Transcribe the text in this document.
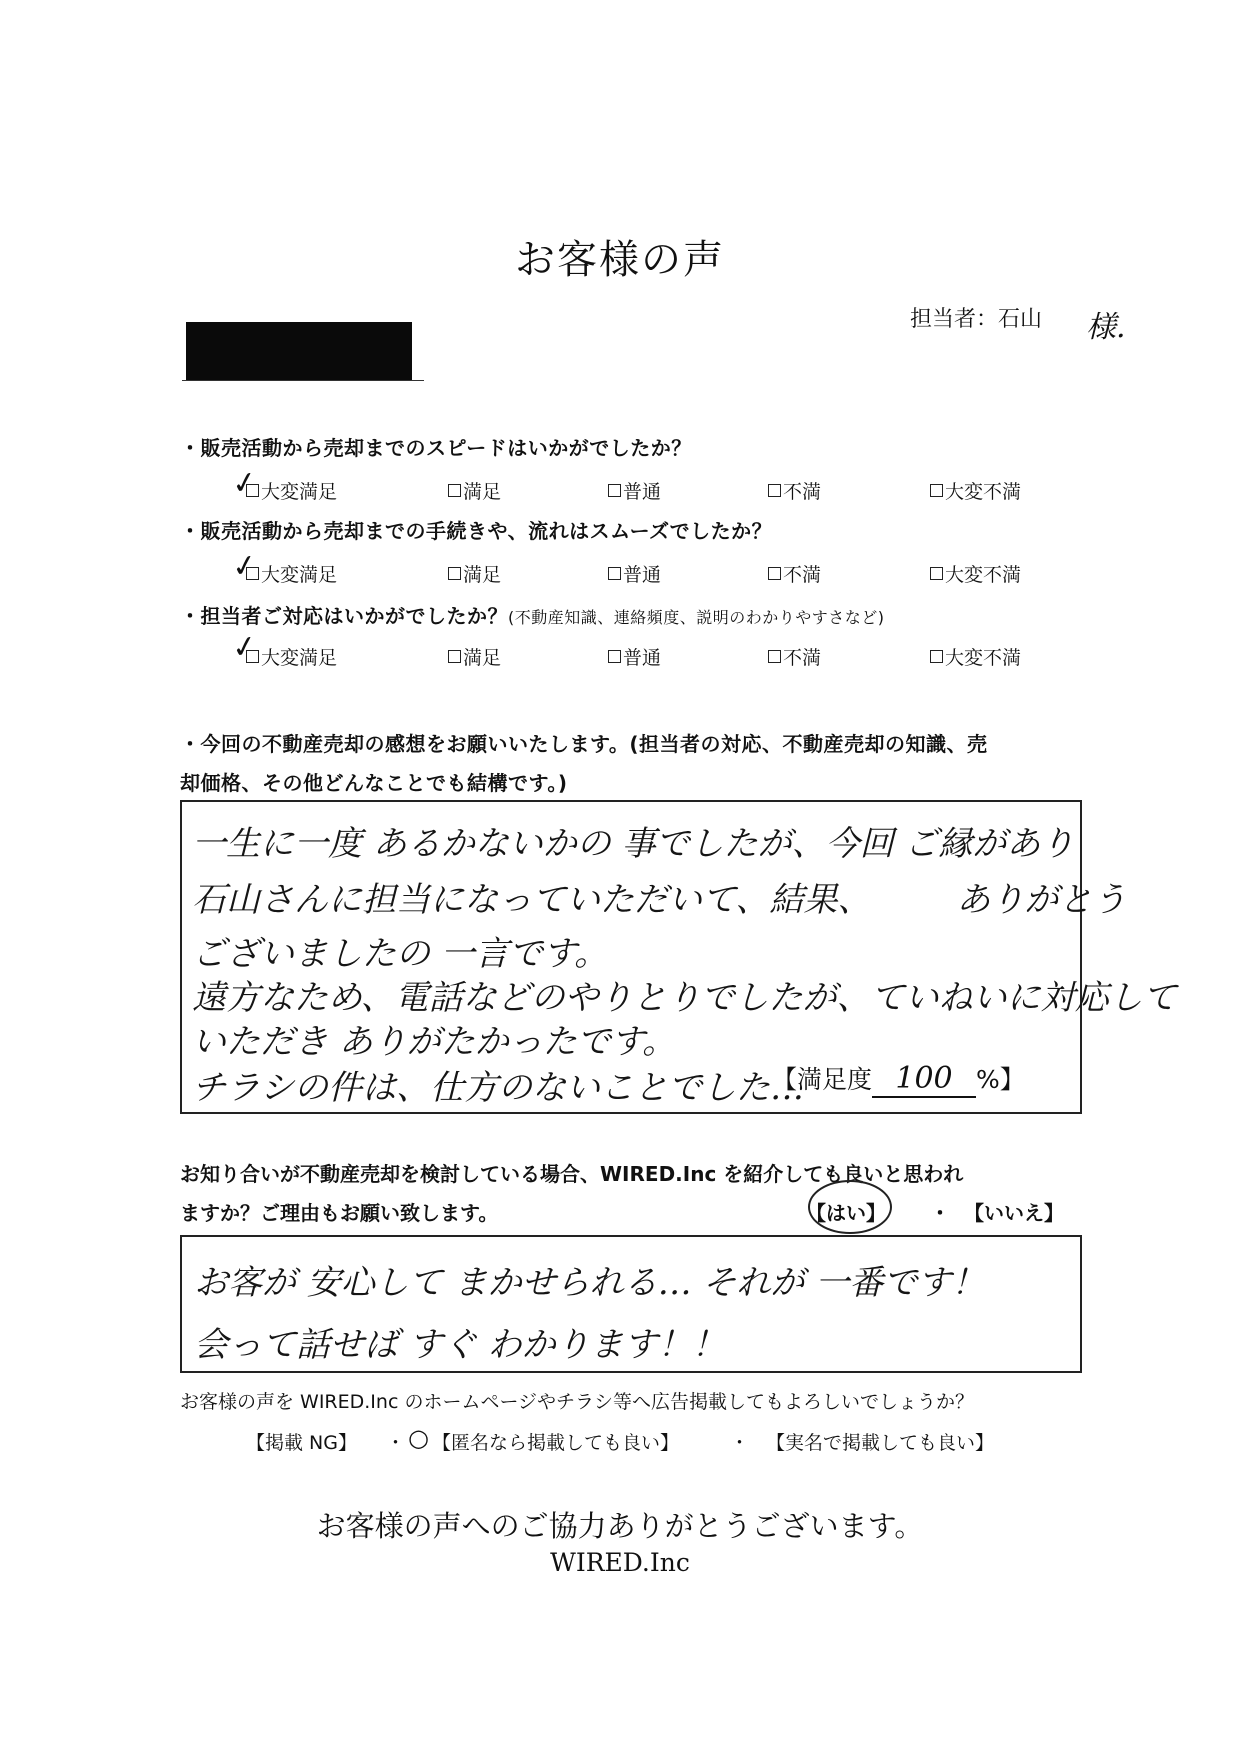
お客様の声
担当者：石山 様.
・販売活動から売却までのスピードはいかがでしたか？
✓ 大変満足	満足	普通	不満	大変不満
・販売活動から売却までの手続きや、流れはスムーズでしたか？
✓ 大変満足	満足	普通	不満	大変不満
・担当者ご対応はいかがでしたか？(不動産知識、連絡頻度、説明のわかりやすさなど)
✓ 大変満足	満足	普通	不満	大変不満
・今回の不動産売却の感想をお願いいたします。(担当者の対応、不動産売却の知識、売
却価格、その他どんなことでも結構です。)
一生に一度 あるかないかの 事でしたが、今回 ご縁があり
石山さんに担当になっていただいて、結果、　　　ありがとう
ございましたの 一言です。
遠方なため、電話などのやりとりでしたが、ていねいに対応して
いただき ありがたかったです。
チラシの件は、仕方のないことでした…
【満足度 100 %】
お知り合いが不動産売却を検討している場合、WIRED.Inc を紹介しても良いと思われ
ますか？ご理由もお願い致します。	【はい】 ・ 【いいえ】
お客が 安心して まかせられる… それが 一番です！
会って話せば すぐ わかります！！
お客様の声を WIRED.Inc のホームページやチラシ等へ広告掲載してもよろしいでしょうか？
【掲載 NG】 ・ ○ 【匿名なら掲載しても良い】	・ 【実名で掲載しても良い】
お客様の声へのご協力ありがとうございます。
WIRED.Inc
